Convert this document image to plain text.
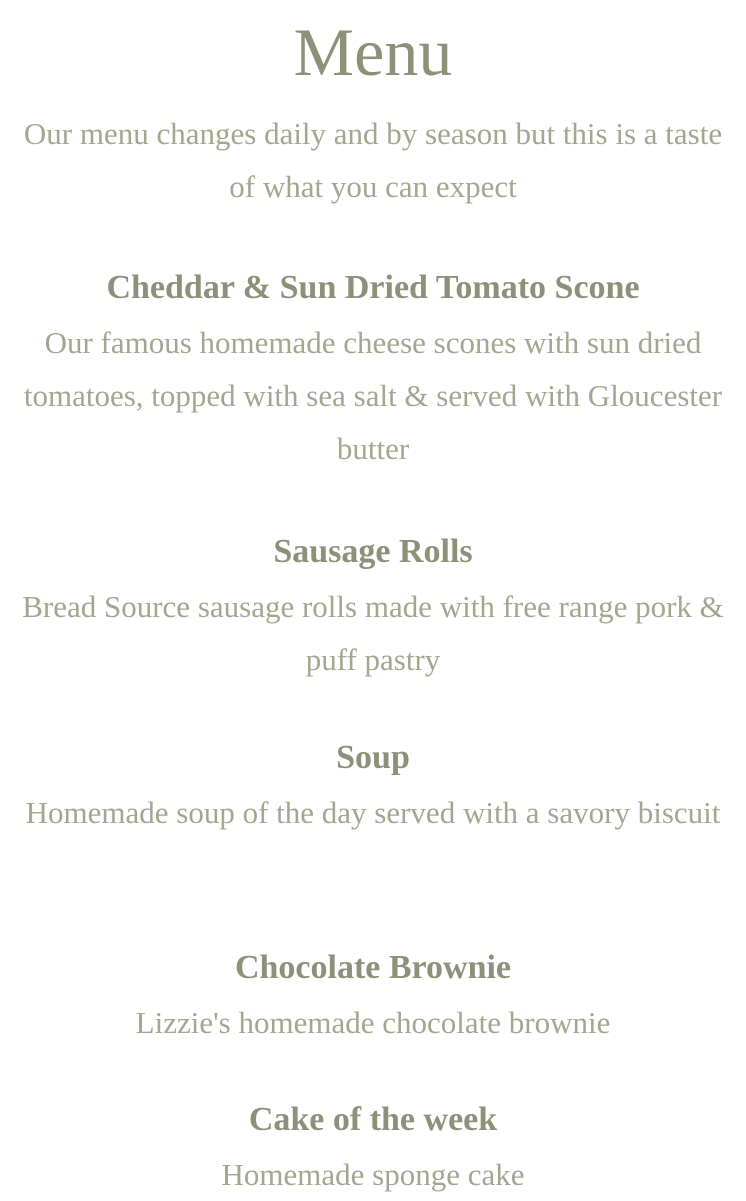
Menu
Our menu changes daily and by season but this is a taste of what you can expect
Cheddar & Sun Dried Tomato Scone
Our famous homemade cheese scones with sun dried tomatoes, topped with sea salt & served with Gloucester butter
Sausage Rolls
Bread Source sausage rolls made with free range pork & puff pastry
Soup
Homemade soup of the day served with a savory biscuit
Chocolate Brownie
Lizzie's homemade chocolate brownie
Cake of the week
Homemade sponge cake
